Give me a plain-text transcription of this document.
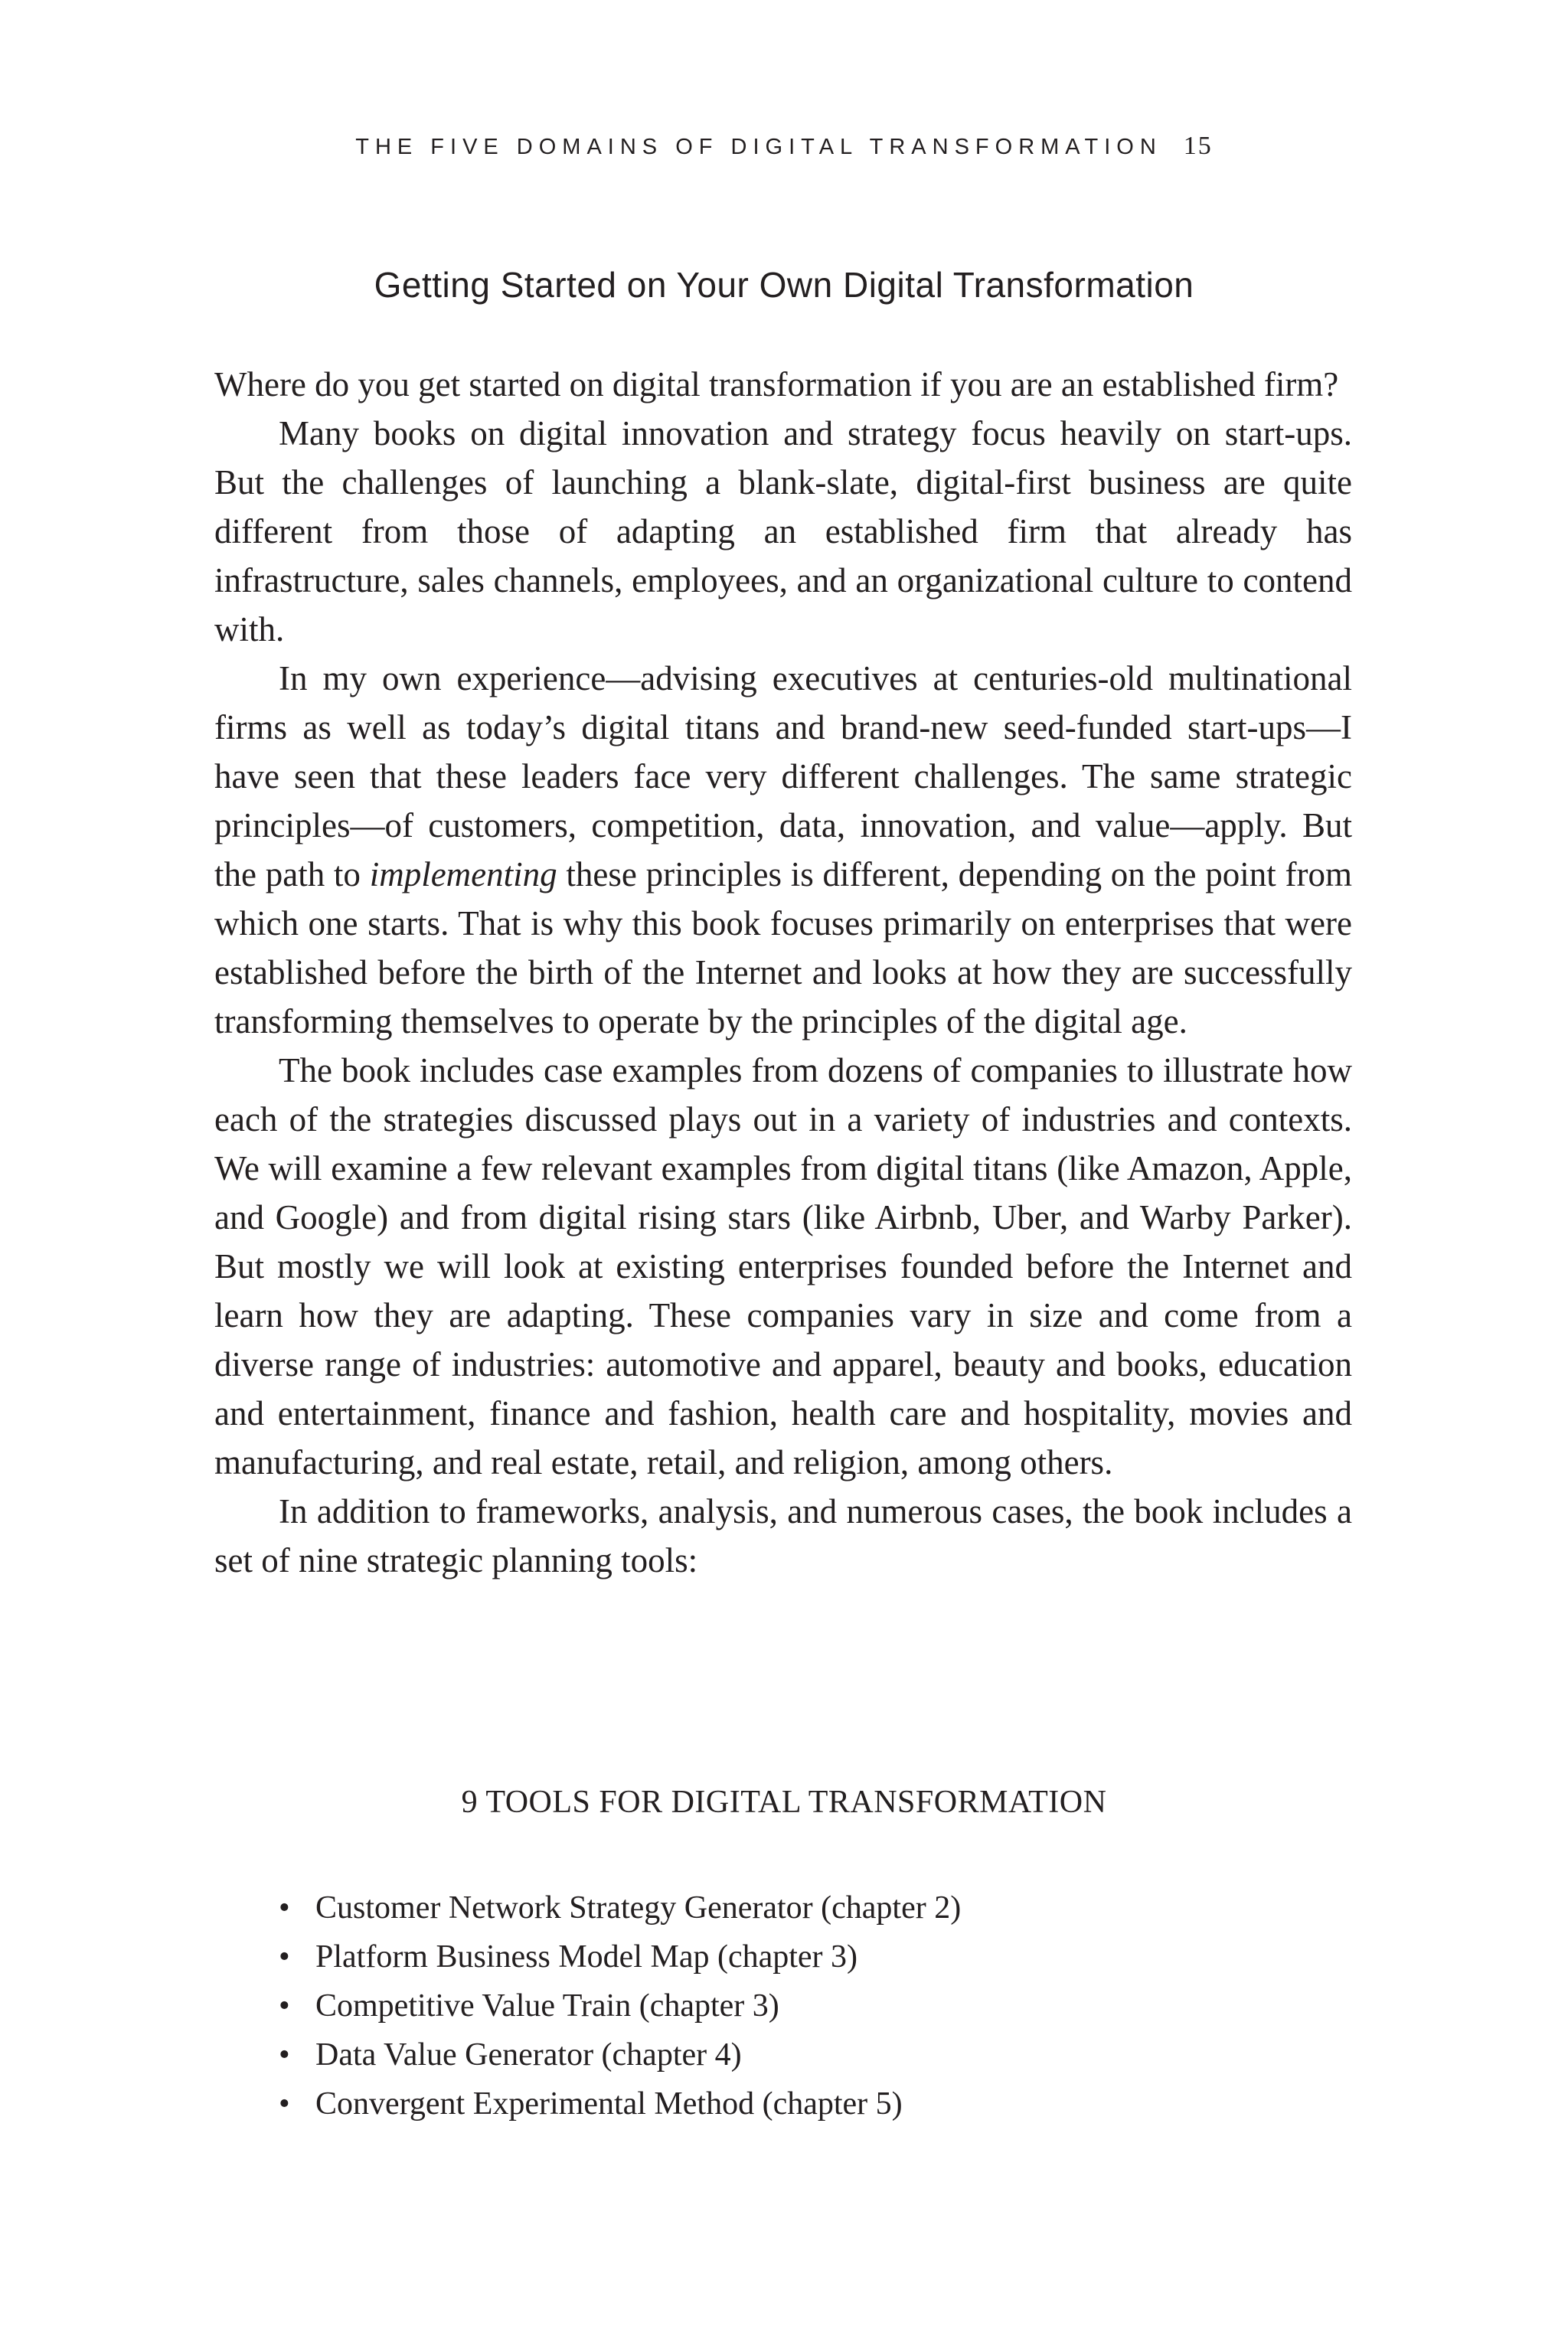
THE FIVE DOMAINS OF DIGITAL TRANSFORMATION 15
Getting Started on Your Own Digital Transformation

Where do you get started on digital transformation if you are an established firm?

Many books on digital innovation and strategy focus heavily on start-ups. But the challenges of launching a blank-slate, digital-first business are quite different from those of adapting an established firm that already has infrastructure, sales channels, employees, and an organizational culture to contend with.

In my own experience—advising executives at centuries-old multinational firms as well as today’s digital titans and brand-new seed-funded start-ups—I have seen that these leaders face very different challenges. The same strategic principles—of customers, competition, data, innovation, and value—apply. But the path to implementing these principles is different, depending on the point from which one starts. That is why this book focuses primarily on enterprises that were established before the birth of the Internet and looks at how they are successfully transforming themselves to operate by the principles of the digital age.

The book includes case examples from dozens of companies to illustrate how each of the strategies discussed plays out in a variety of industries and contexts. We will examine a few relevant examples from digital titans (like Amazon, Apple, and Google) and from digital rising stars (like Airbnb, Uber, and Warby Parker). But mostly we will look at existing enterprises founded before the Internet and learn how they are adapting. These companies vary in size and come from a diverse range of industries: automotive and apparel, beauty and books, education and entertainment, finance and fashion, health care and hospitality, movies and manufacturing, and real estate, retail, and religion, among others.

In addition to frameworks, analysis, and numerous cases, the book includes a set of nine strategic planning tools:

9 TOOLS FOR DIGITAL TRANSFORMATION
• Customer Network Strategy Generator (chapter 2)
• Platform Business Model Map (chapter 3)
• Competitive Value Train (chapter 3)
• Data Value Generator (chapter 4)
• Convergent Experimental Method (chapter 5)
